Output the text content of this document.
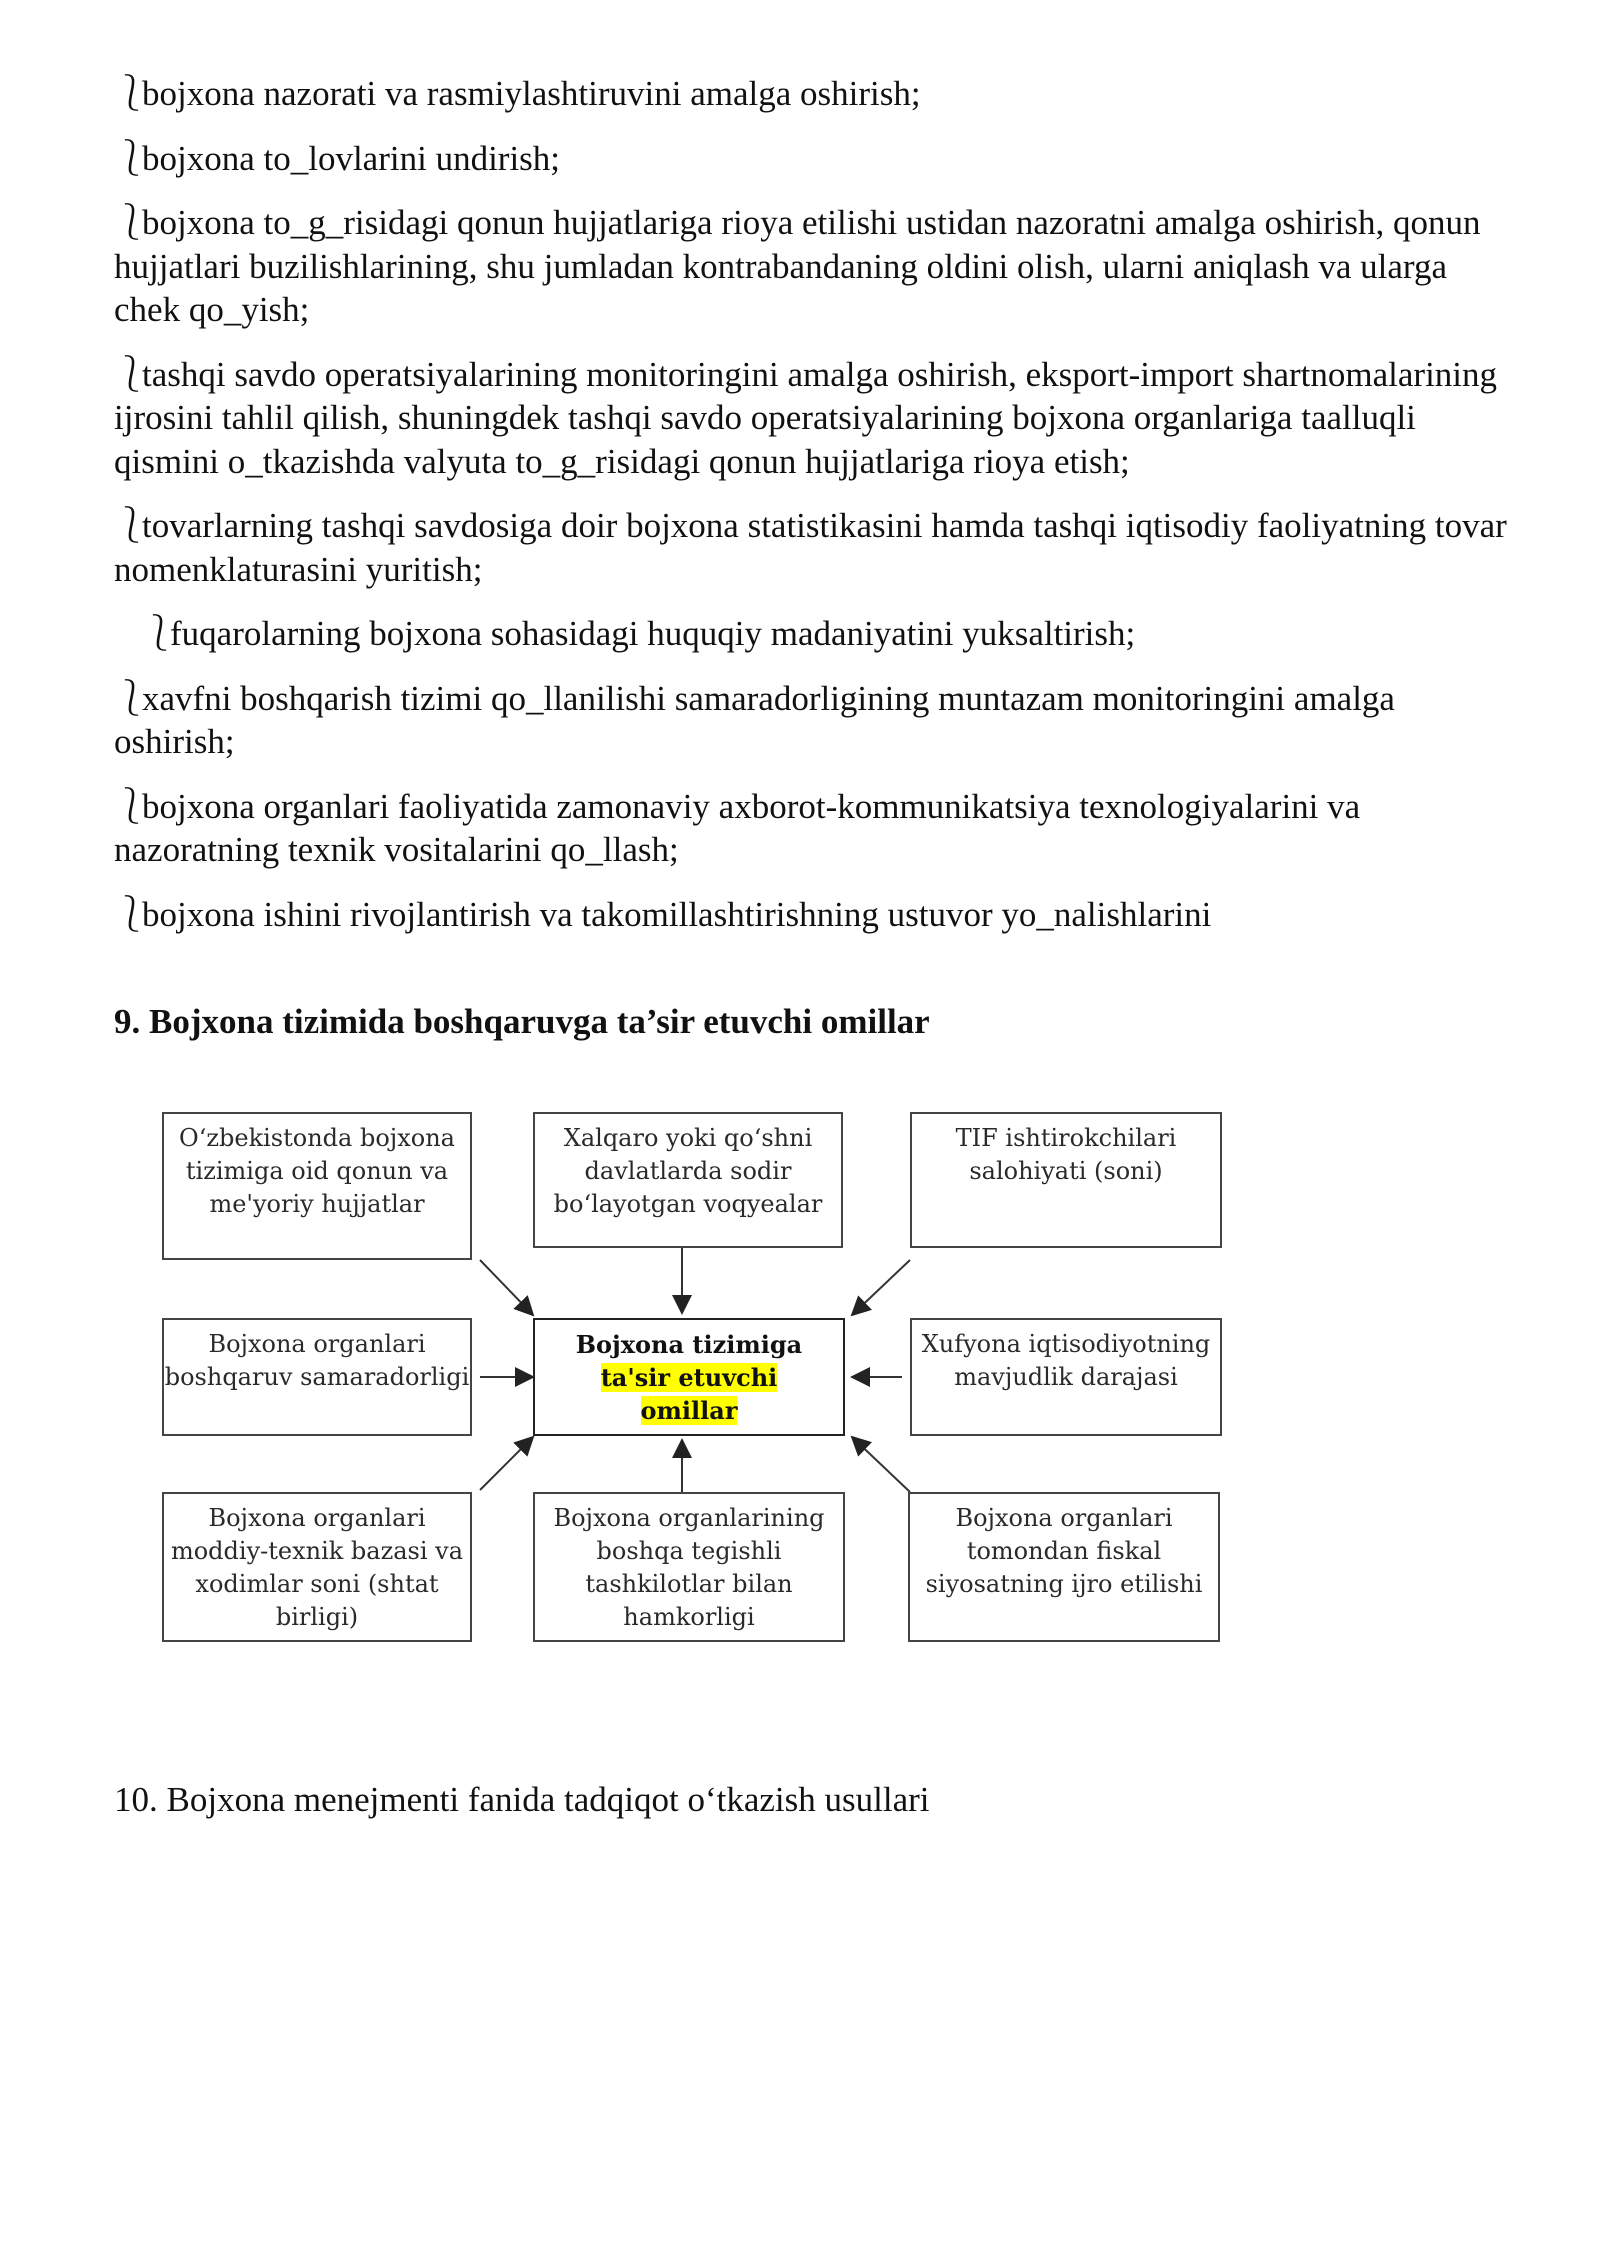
⎱bojxona nazorati va rasmiylashtiruvini amalga oshirish;

⎱bojxona to_lovlarini undirish;

⎱bojxona to_g_risidagi qonun hujjatlariga rioya etilishi ustidan nazoratni amalga oshirish, qonun hujjatlari buzilishlarining, shu jumladan kontrabandaning oldini olish, ularni aniqlash va ularga chek qo_yish;

⎱tashqi savdo operatsiyalarining monitoringini amalga oshirish, eksport-import shartnomalarining ijrosini tahlil qilish, shuningdek tashqi savdo operatsiyalarining bojxona organlariga taalluqli qismini o_tkazishda valyuta to_g_risidagi qonun hujjatlariga rioya etish;

⎱tovarlarning tashqi savdosiga doir bojxona statistikasini hamda tashqi iqtisodiy faoliyatning tovar nomenklaturasini yuritish;

⎱fuqarolarning bojxona sohasidagi huquqiy madaniyatini yuksaltirish;

⎱xavfni boshqarish tizimi qo_llanilishi samaradorligining muntazam monitoringini amalga oshirish;

⎱bojxona organlari faoliyatida zamonaviy axborot-kommunikatsiya texnologiyalarini va nazoratning texnik vositalarini qo_llash;

⎱bojxona ishini rivojlantirish va takomillashtirishning ustuvor yo_nalishlarini

9. Bojxona tizimida boshqaruvga ta’sir etuvchi omillar
O‘zbekistonda bojxona tizimiga oid qonun va me'yoriy hujjatlar
Xalqaro yoki qo‘shni davlatlarda sodir bo‘layotgan voqyealar
TIF ishtirokchilari salohiyati (soni)
Bojxona organlari boshqaruv samaradorligi
Bojxona tizimiga
ta'sir etuvchi
omillar
Xufyona iqtisodiyotning mavjudlik darajasi
Bojxona organlari moddiy-texnik bazasi va xodimlar soni (shtat birligi)
Bojxona organlarining boshqa tegishli tashkilotlar bilan hamkorligi
Bojxona organlari tomondan fiskal siyosatning ijro etilishi
10. Bojxona menejmenti fanida tadqiqot o‘tkazish usullari
